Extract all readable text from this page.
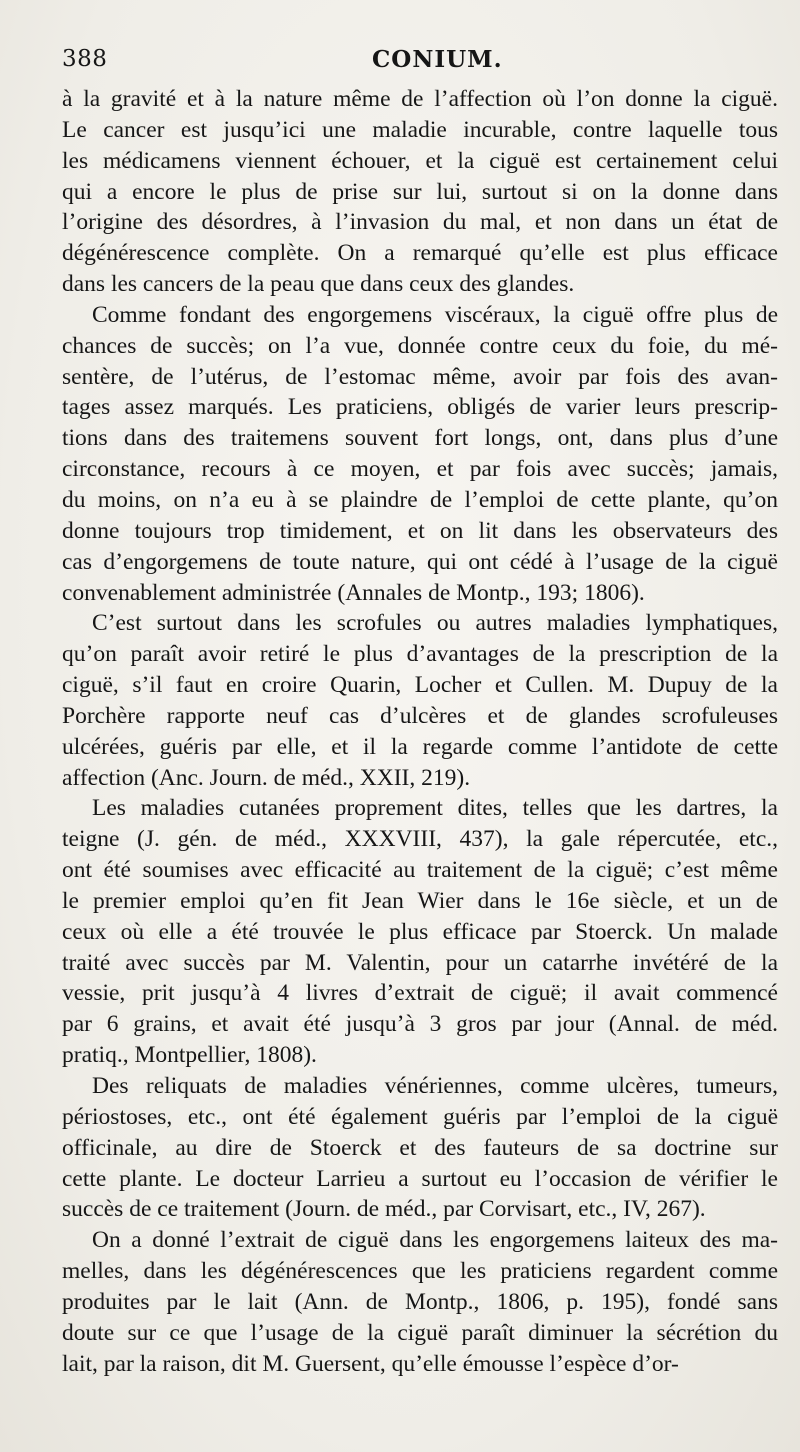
388	CONIUM.
à la gravité et à la nature même de l’affection où l’on donne la ciguë.
Le cancer est jusqu’ici une maladie incurable, contre laquelle tous
les médicamens viennent échouer, et la ciguë est certainement celui
qui a encore le plus de prise sur lui, surtout si on la donne dans
l’origine des désordres, à l’invasion du mal, et non dans un état de
dégénérescence complète. On a remarqué qu’elle est plus efficace
dans les cancers de la peau que dans ceux des glandes.
Comme fondant des engorgemens viscéraux, la ciguë offre plus de
chances de succès; on l’a vue, donnée contre ceux du foie, du mé-
sentère, de l’utérus, de l’estomac même, avoir par fois des avan-
tages assez marqués. Les praticiens, obligés de varier leurs prescrip-
tions dans des traitemens souvent fort longs, ont, dans plus d’une
circonstance, recours à ce moyen, et par fois avec succès; jamais,
du moins, on n’a eu à se plaindre de l’emploi de cette plante, qu’on
donne toujours trop timidement, et on lit dans les observateurs des
cas d’engorgemens de toute nature, qui ont cédé à l’usage de la ciguë
convenablement administrée (Annales de Montp., 193; 1806).
C’est surtout dans les scrofules ou autres maladies lymphatiques,
qu’on paraît avoir retiré le plus d’avantages de la prescription de la
ciguë, s’il faut en croire Quarin, Locher et Cullen. M. Dupuy de la
Porchère rapporte neuf cas d’ulcères et de glandes scrofuleuses
ulcérées, guéris par elle, et il la regarde comme l’antidote de cette
affection (Anc. Journ. de méd., XXII, 219).
Les maladies cutanées proprement dites, telles que les dartres, la
teigne (J. gén. de méd., XXXVIII, 437), la gale répercutée, etc.,
ont été soumises avec efficacité au traitement de la ciguë; c’est même
le premier emploi qu’en fit Jean Wier dans le 16e siècle, et un de
ceux où elle a été trouvée le plus efficace par Stoerck. Un malade
traité avec succès par M. Valentin, pour un catarrhe invétéré de la
vessie, prit jusqu’à 4 livres d’extrait de ciguë; il avait commencé
par 6 grains, et avait été jusqu’à 3 gros par jour (Annal. de méd.
pratiq., Montpellier, 1808).
Des reliquats de maladies vénériennes, comme ulcères, tumeurs,
périostoses, etc., ont été également guéris par l’emploi de la ciguë
officinale, au dire de Stoerck et des fauteurs de sa doctrine sur
cette plante. Le docteur Larrieu a surtout eu l’occasion de vérifier le
succès de ce traitement (Journ. de méd., par Corvisart, etc., IV, 267).
On a donné l’extrait de ciguë dans les engorgemens laiteux des ma-
melles, dans les dégénérescences que les praticiens regardent comme
produites par le lait (Ann. de Montp., 1806, p. 195), fondé sans
doute sur ce que l’usage de la ciguë paraît diminuer la sécrétion du
lait, par la raison, dit M. Guersent, qu’elle émousse l’espèce d’or-
